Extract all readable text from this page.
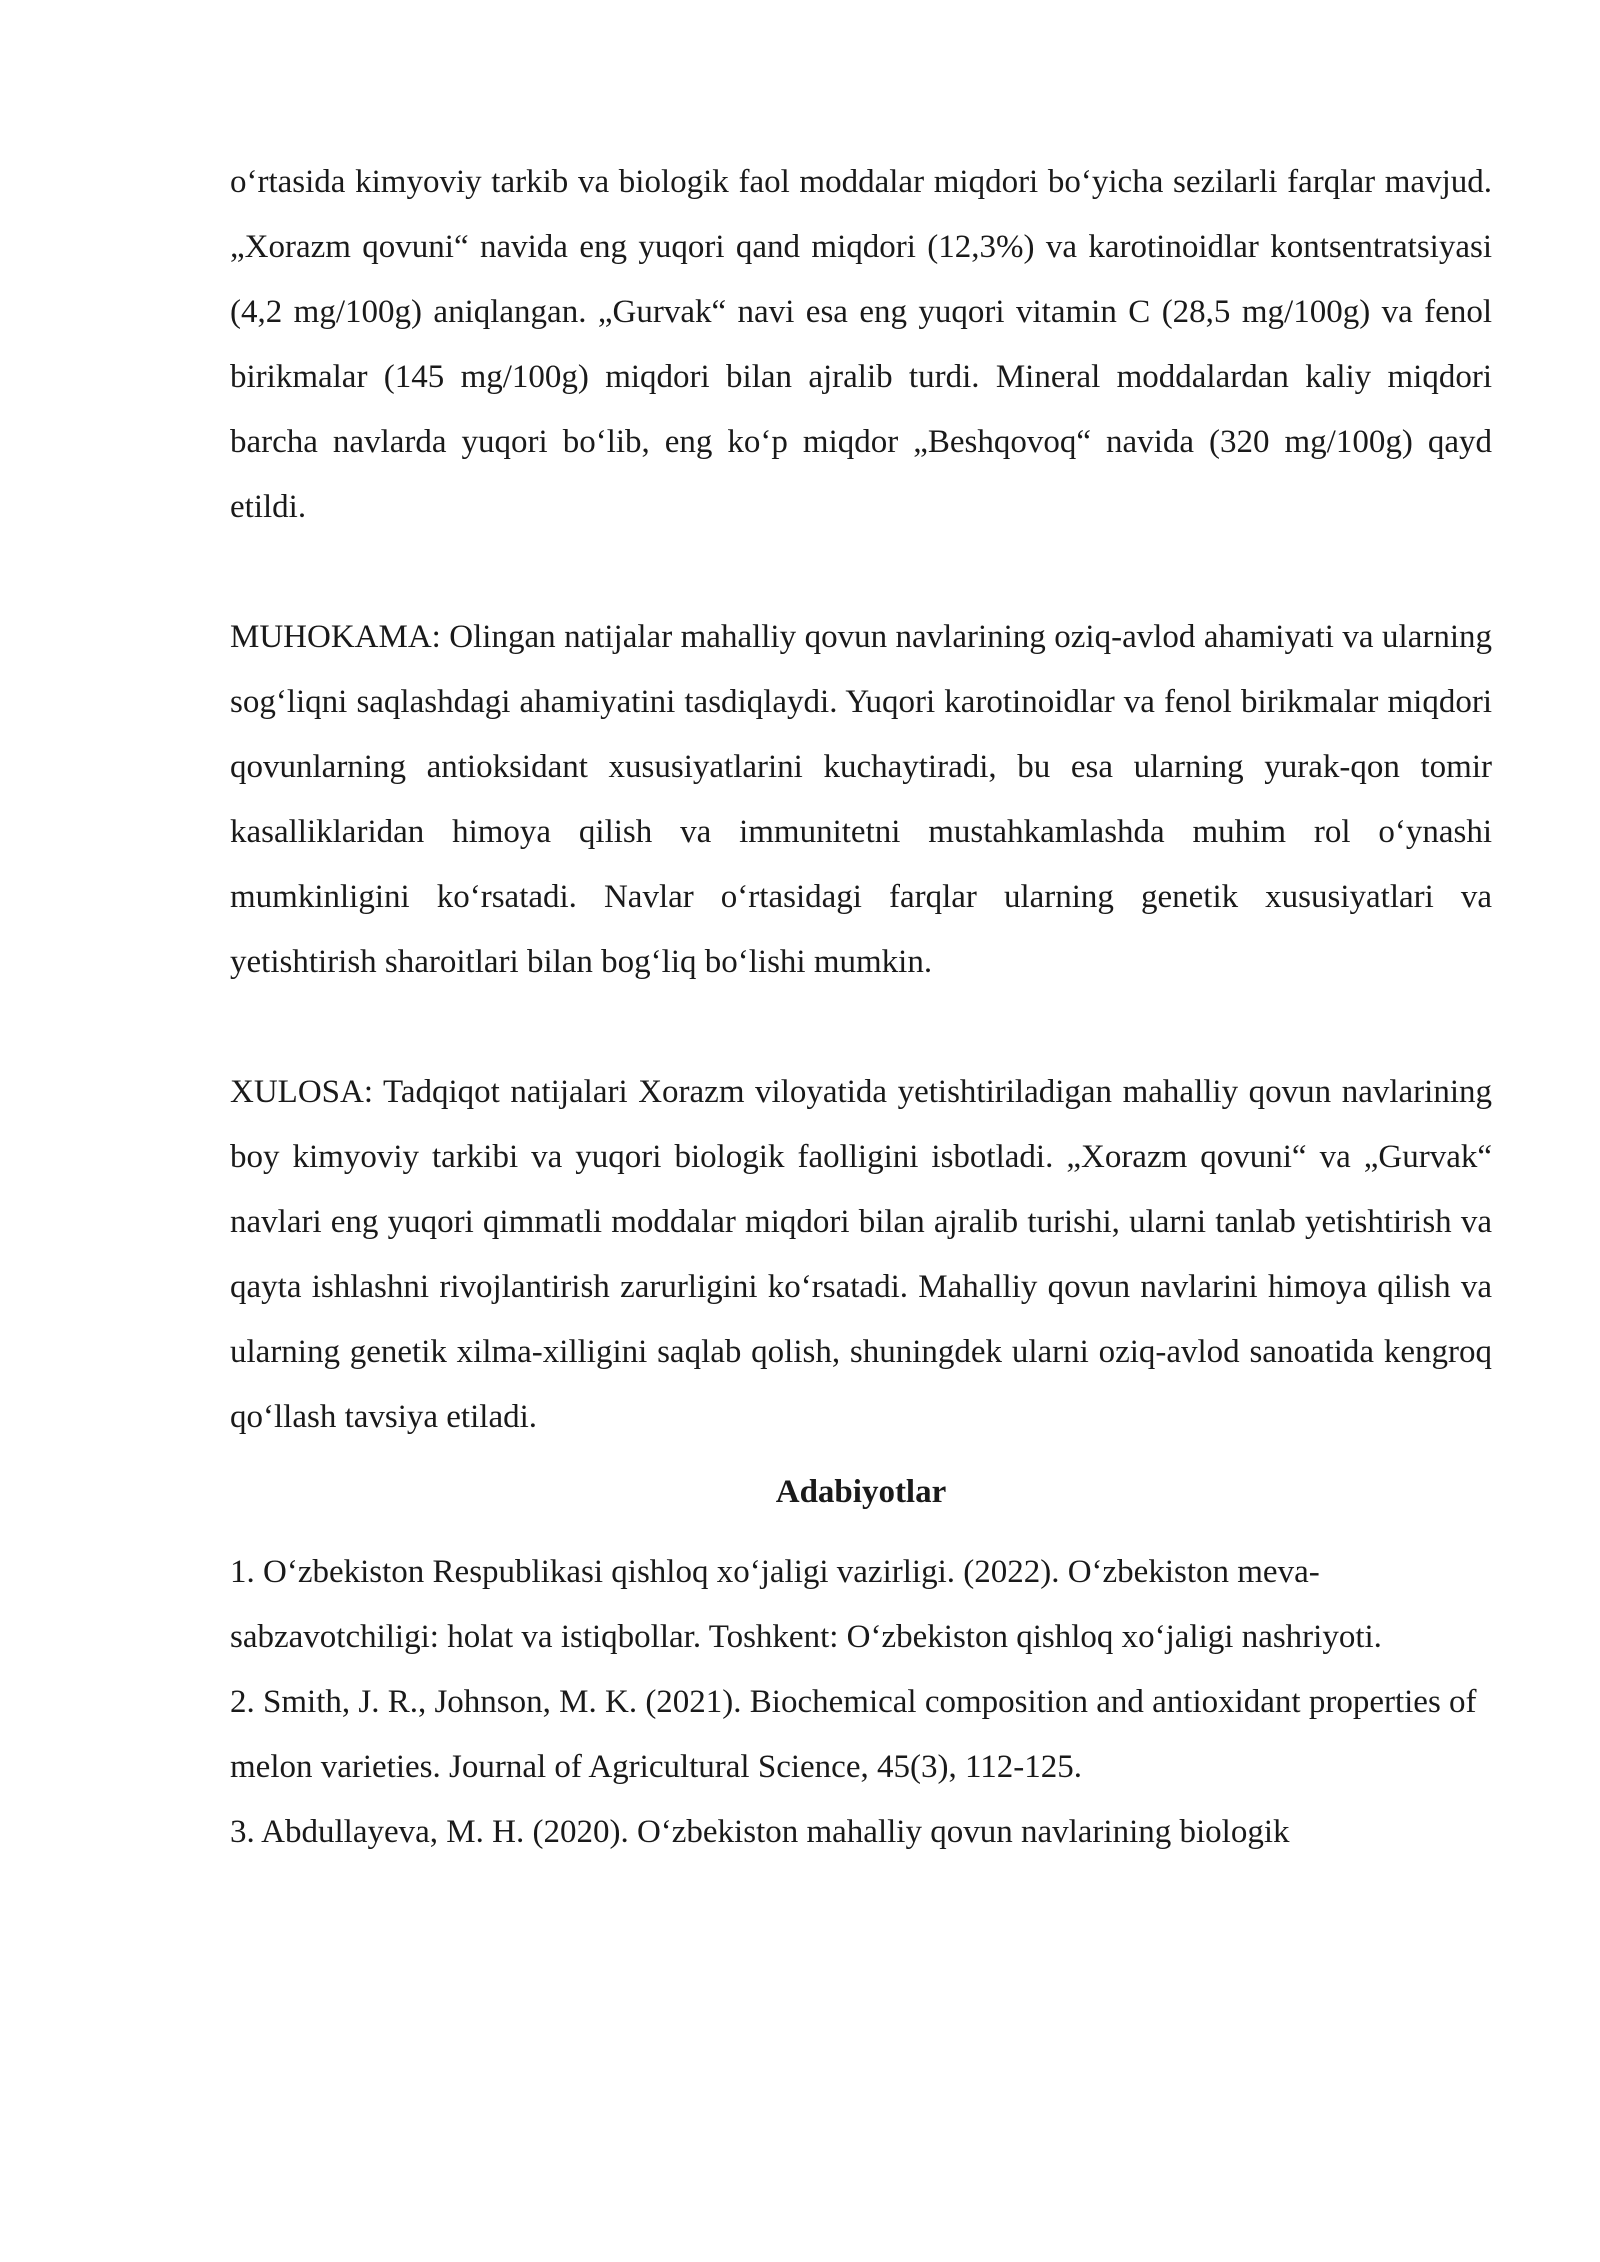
o‘rtasida kimyoviy tarkib va biologik faol moddalar miqdori bo‘yicha sezilarli farqlar mavjud. „Xorazm qovuni“ navida eng yuqori qand miqdori (12,3%) va karotinoidlar kontsentratsiyasi (4,2 mg/100g) aniqlangan. „Gurvak“ navi esa eng yuqori vitamin C (28,5 mg/100g) va fenol birikmalar (145 mg/100g) miqdori bilan ajralib turdi. Mineral moddalardan kaliy miqdori barcha navlarda yuqori bo‘lib, eng ko‘p miqdor „Beshqovoq“ navida (320 mg/100g) qayd etildi.

MUHOKAMA: Olingan natijalar mahalliy qovun navlarining oziq-avlod ahamiyati va ularning sog‘liqni saqlashdagi ahamiyatini tasdiqlaydi. Yuqori karotinoidlar va fenol birikmalar miqdori qovunlarning antioksidant xususiyatlarini kuchaytiradi, bu esa ularning yurak-qon tomir kasalliklaridan himoya qilish va immunitetni mustahkamlashda muhim rol o‘ynashi mumkinligini ko‘rsatadi. Navlar o‘rtasidagi farqlar ularning genetik xususiyatlari va yetishtirish sharoitlari bilan bog‘liq bo‘lishi mumkin.

XULOSA: Tadqiqot natijalari Xorazm viloyatida yetishtiriladigan mahalliy qovun navlarining boy kimyoviy tarkibi va yuqori biologik faolligini isbotladi. „Xorazm qovuni“ va „Gurvak“ navlari eng yuqori qimmatli moddalar miqdori bilan ajralib turishi, ularni tanlab yetishtirish va qayta ishlashni rivojlantirish zarurligini ko‘rsatadi. Mahalliy qovun navlarini himoya qilish va ularning genetik xilma-xilligini saqlab qolish, shuningdek ularni oziq-avlod sanoatida kengroq qo‘llash tavsiya etiladi.

Adabiyotlar
1. O‘zbekiston Respublikasi qishloq xo‘jaligi vazirligi. (2022). O‘zbekiston meva-sabzavotchiligi: holat va istiqbollar. Toshkent: O‘zbekiston qishloq xo‘jaligi nashriyoti.
2. Smith, J. R., Johnson, M. K. (2021). Biochemical composition and antioxidant properties of melon varieties. Journal of Agricultural Science, 45(3), 112-125.
3. Abdullayeva, M. H. (2020). O‘zbekiston mahalliy qovun navlarining biologik
